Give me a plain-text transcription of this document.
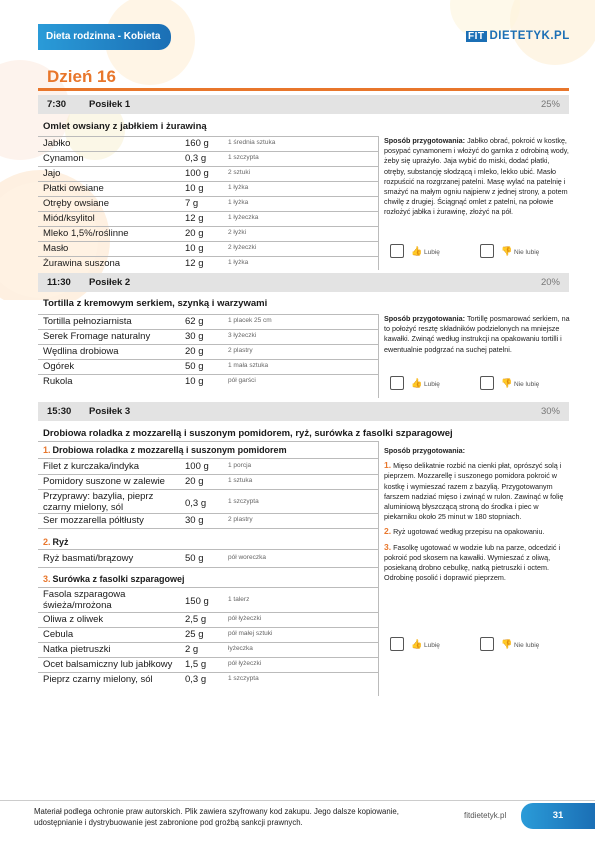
Dieta rodzinna - Kobieta	FIT DIETETYK.PL
Dzień 16
7:30 Posiłek 1	25%
Omlet owsiany z jabłkiem i żurawiną
Jabłko	160 g	1 średnia sztuka
Cynamon	0,3 g	1 szczypta
Jajo	100 g	2 sztuki
Płatki owsiane	10 g	1 łyżka
Otręby owsiane	7 g	1 łyżka
Miód/ksylitol	12 g	1 łyżeczka
Mleko 1,5%/roślinne	20 g	2 łyżki
Masło	10 g	2 łyżeczki
Żurawina suszona	12 g	1 łyżka
Sposób przygotowania: Jabłko obrać, pokroić w kostkę, posypać cynamonem i włożyć do garnka z odrobiną wody, żeby się uprażyło. Jaja wybić do miski, dodać płatki, otręby, substancję słodzącą i mleko, lekko ubić. Masło rozpuścić na rozgrzanej patelni. Masę wylać na patelnię i smażyć na małym ogniu najpierw z jednej strony, a potem chwilę z drugiej. Ściągnąć omlet z patelni, na połowie rozłożyć jabłka i żurawinę, złożyć na pół.
👍 Lubię	👎 Nie lubię
11:30 Posiłek 2	20%
Tortilla z kremowym serkiem, szynką i warzywami
Tortilla pełnoziarnista	62 g	1 placek 25 cm
Serek Fromage naturalny	30 g	3 łyżeczki
Wędlina drobiowa	20 g	2 plastry
Ogórek	50 g	1 mała sztuka
Rukola	10 g	pół garści
Sposób przygotowania: Tortillę posmarować serkiem, na to położyć resztę składników podzielonych na mniejsze kawałki. Zwinąć według instrukcji na opakowaniu tortilli i ewentualnie podgrzać na suchej patelni.
👍 Lubię	👎 Nie lubię
15:30 Posiłek 3	30%
Drobiowa roladka z mozzarellą i suszonym pomidorem, ryż, surówka z fasolki szparagowej
1. Drobiowa roladka z mozzarellą i suszonym pomidorem
Filet z kurczaka/indyka	100 g	1 porcja
Pomidory suszone w zalewie 20 g	1 sztuka
Przyprawy: bazylia, pieprz czarny mielony, sól	0,3 g	1 szczypta
Ser mozzarella półtłusty	30 g	2 plastry
2. Ryż
Ryż basmati/brązowy	50 g	pół woreczka
3. Surówka z fasolki szparagowej
Fasola szparagowa świeża/mrożona	150 g	1 talerz
Oliwa z oliwek	2,5 g	pół łyżeczki
Cebula	25 g	pół małej sztuki
Natka pietruszki	2 g	łyżeczka
Ocet balsamiczny lub jabłkowy 1,5 g	pół łyżeczki
Pieprz czarny mielony, sól	0,3 g	1 szczypta

Sposób przygotowania:

1. Mięso delikatnie rozbić na cienki płat, oprószyć solą i pieprzem. Mozzarellę i suszonego pomidora pokroić w kostkę i wymieszać razem z bazylią. Przygotowanym farszem nadziać mięso i zwinąć w rulon. Zawinąć w folię aluminiową błyszczącą stroną do środka i piec w piekarniku około 25 minut w 180 stopniach.

2. Ryż ugotować według przepisu na opakowaniu.

3. Fasolkę ugotować w wodzie lub na parze, odcedzić i pokroić pod skosem na kawałki. Wymieszać z oliwą, posiekaną drobno cebulkę, natką pietruszki i octem. Odrobinę posolić i doprawić pieprzem.

👍 Lubię	👎 Nie lubię
Materiał podlega ochronie praw autorskich. Plik zawiera szyfrowany kod zakupu. Jego dalsze kopiowanie, udostępnianie i dystrybuowanie jest zabronione pod groźbą sankcji prawnych.
fitdietetyk.pl	31
